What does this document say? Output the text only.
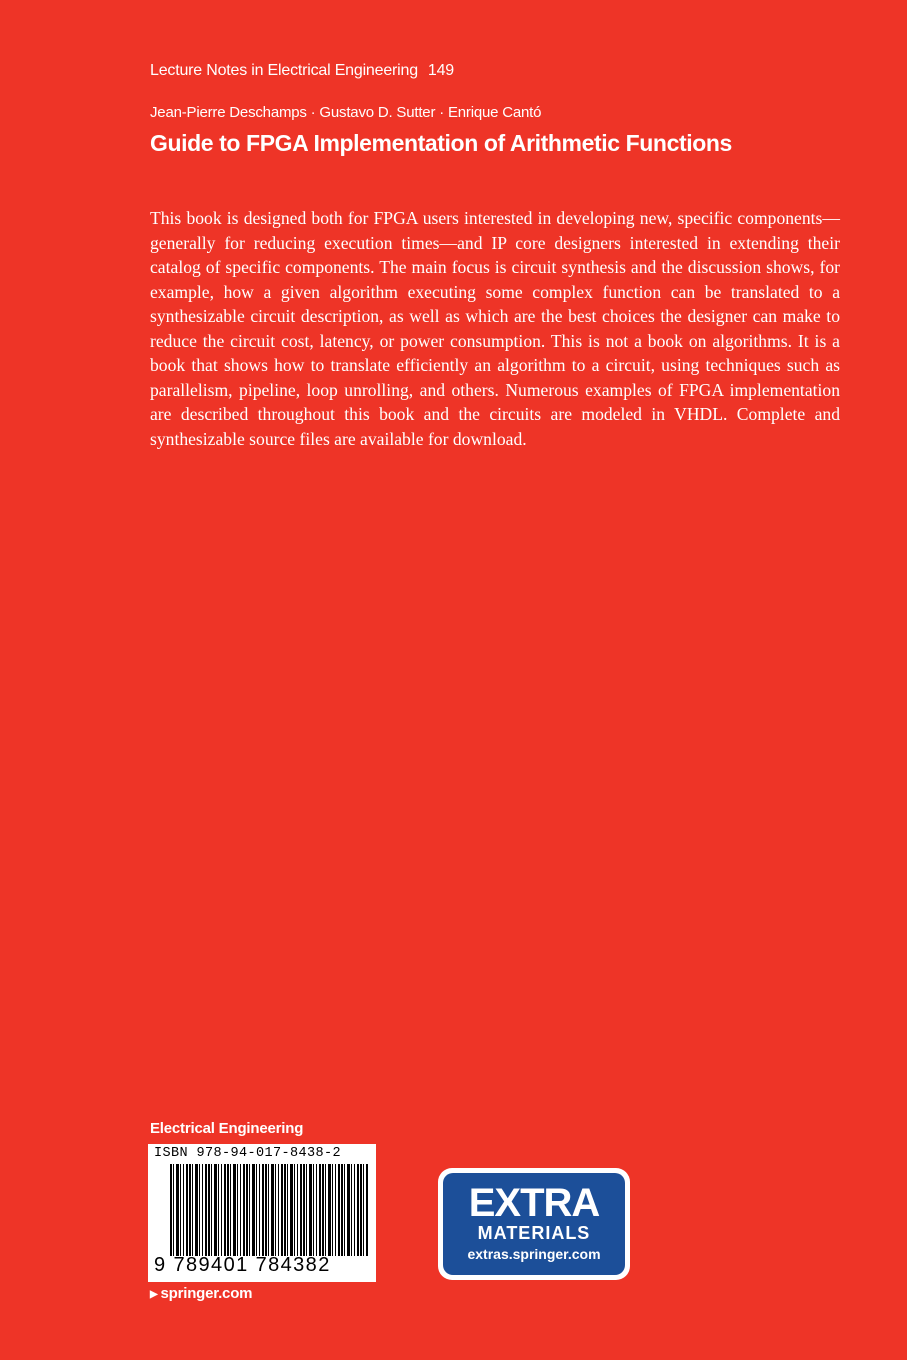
Lecture Notes in Electrical Engineering 149
Jean-Pierre Deschamps · Gustavo D. Sutter · Enrique Cantó
Guide to FPGA Implementation of Arithmetic Functions

This book is designed both for FPGA users interested in developing new, specific components—generally for reducing execution times—and IP core designers interested in extending their catalog of specific components. The main focus is circuit synthesis and the discussion shows, for example, how a given algorithm executing some complex function can be translated to a synthesizable circuit description, as well as which are the best choices the designer can make to reduce the circuit cost, latency, or power consumption. This is not a book on algorithms. It is a book that shows how to translate efficiently an algorithm to a circuit, using techniques such as parallelism, pipeline, loop unrolling, and others. Numerous examples of FPGA implementation are described throughout this book and the circuits are modeled in VHDL. Complete and synthesizable source files are available for download.

Electrical Engineering
ISBN 978-94-017-8438-2
9 789401 784382
▶ springer.com
EXTRA
MATERIALS
extras.springer.com
